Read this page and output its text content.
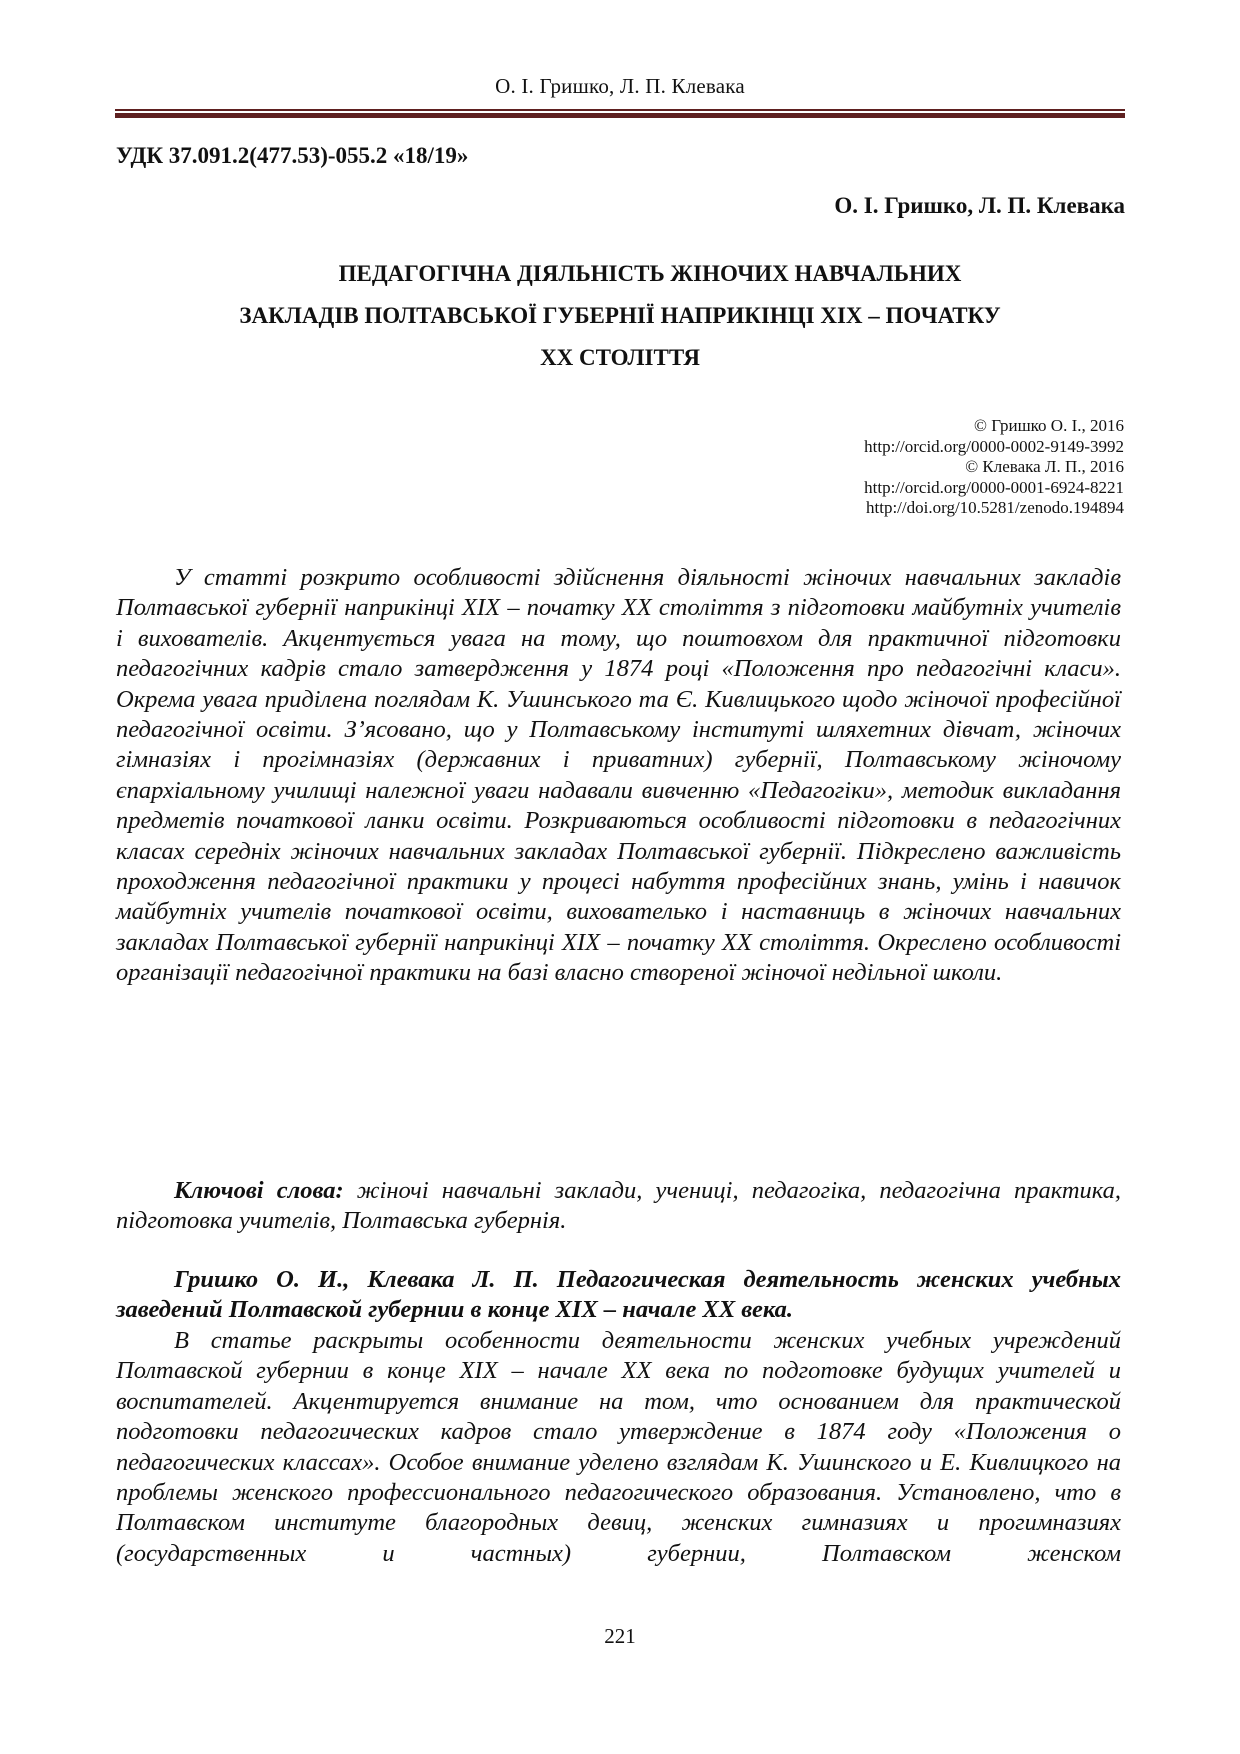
О. І. Гришко, Л. П. Клевака
УДК 37.091.2(477.53)-055.2 «18/19»
О. І. Гришко, Л. П. Клевака
ПЕДАГОГІЧНА ДІЯЛЬНІСТЬ ЖІНОЧИХ НАВЧАЛЬНИХ
ЗАКЛАДІВ ПОЛТАВСЬКОЇ ГУБЕРНІЇ НАПРИКІНЦІ XIX – ПОЧАТКУ
XX СТОЛІТТЯ
© Гришко О. І., 2016
http://orcid.org/0000-0002-9149-3992
© Клевака Л. П., 2016
http://orcid.org/0000-0001-6924-8221
http://doi.org/10.5281/zenodo.194894

У статті розкрито особливості здійснення діяльності жіночих навчальних закладів Полтавської губернії наприкінці XIX – початку XX століття з підготовки майбутніх учителів і вихователів. Акцентується увага на тому, що поштовхом для практичної підготовки педагогічних кадрів стало затвердження у 1874 році «Положення про педагогічні класи». Окрема увага приділена поглядам К. Ушинського та Є. Кивлицького щодо жіночої професійної педагогічної освіти. З’ясовано, що у Полтавському інституті шляхетних дівчат, жіночих гімназіях і прогімназіях (державних і приватних) губернії, Полтавському жіночому єпархіальному училищі належної уваги надавали вивченню «Педагогіки», методик викладання предметів початкової ланки освіти. Розкриваються особливості підготовки в педагогічних класах середніх жіночих навчальних закладах Полтавської губернії. Підкреслено важливість проходження педагогічної практики у процесі набуття професійних знань, умінь і навичок майбутніх учителів початкової освіти, вихователько і наставниць в жіночих навчальних закладах Полтавської губернії наприкінці XIX – початку XX століття. Окреслено особливості організації педагогічної практики на базі власно створеної жіночої недільної школи.

Ключові слова: жіночі навчальні заклади, учениці, педагогіка, педагогічна практика, підготовка учителів, Полтавська губернія.

Гришко О. И., Клевака Л. П. Педагогическая деятельность женских учебных заведений Полтавской губернии в конце XIX – начале XX века.

В статье раскрыты особенности деятельности женских учебных учреждений Полтавской губернии в конце XIX – начале XX века по подготовке будущих учителей и воспитателей. Акцентируется внимание на том, что основанием для практической подготовки педагогических кадров стало утверждение в 1874 году «Положения о педагогических классах». Особое внимание уделено взглядам К. Ушинского и Е. Кивлицкого на проблемы женского профессионального педагогического образования. Установлено, что в Полтавском институте благородных девиц, женских гимназиях и прогимназиях (государственных и частных) губернии, Полтавском женском

221
